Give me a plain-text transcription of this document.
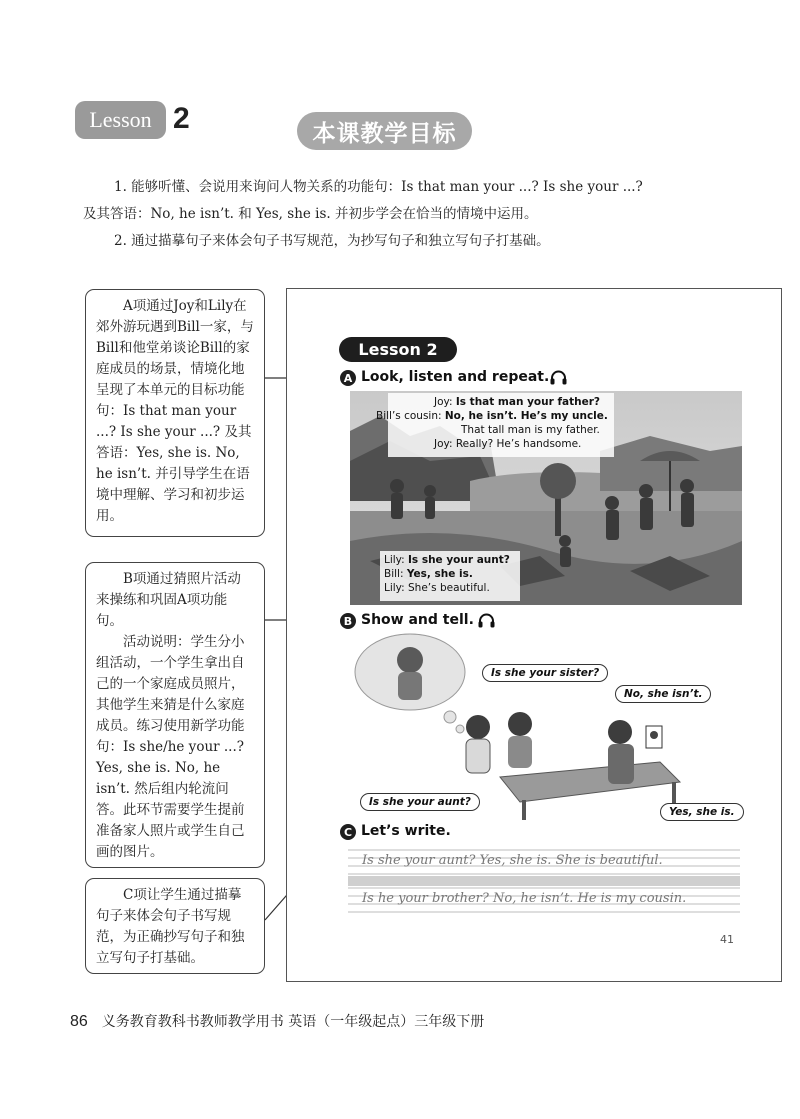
Lesson 2	本课教学目标
1. 能够听懂、会说用来询问人物关系的功能句：Is that man your ...? Is she your ...?
及其答语：No, he isn’t. 和 Yes, she is. 并初步学会在恰当的情境中运用。
2. 通过描摹句子来体会句子书写规范，为抄写句子和独立写句子打基础。

A项通过Joy和Lily在郊外游玩遇到Bill一家，与Bill和他堂弟谈论Bill的家庭成员的场景，情境化地呈现了本单元的目标功能句：Is that man your ...? Is she your ...? 及其答语：Yes, she is. No, he isn’t. 并引导学生在语境中理解、学习和初步运用。

B项通过猜照片活动来操练和巩固A项功能句。

活动说明：学生分小组活动，一个学生拿出自己的一个家庭成员照片，其他学生来猜是什么家庭成员。练习使用新学功能句：Is she/he your ...? Yes, she is. No, he isn’t. 然后组内轮流问答。此环节需要学生提前准备家人照片或学生自己画的图片。

C项让学生通过描摹句子来体会句子书写规范，为正确抄写句子和独立写句子打基础。

Lesson 2
A Look, listen and repeat.
Joy: Is that man your father?
Bill’s cousin: No, he isn’t. He’s my uncle.
That tall man is my father.
Joy: Really? He’s handsome.
Lily: Is she your aunt?
Bill: Yes, she is.
Lily: She’s beautiful.
B Show and tell.
Is she your sister?
No, she isn’t.
Is she your aunt?
Yes, she is.
C Let’s write.
Is she your aunt? Yes, she is. She is beautiful.
Is he your brother? No, he isn’t. He is my cousin.
41
86 义务教育教科书教师教学用书 英语（一年级起点）三年级下册
